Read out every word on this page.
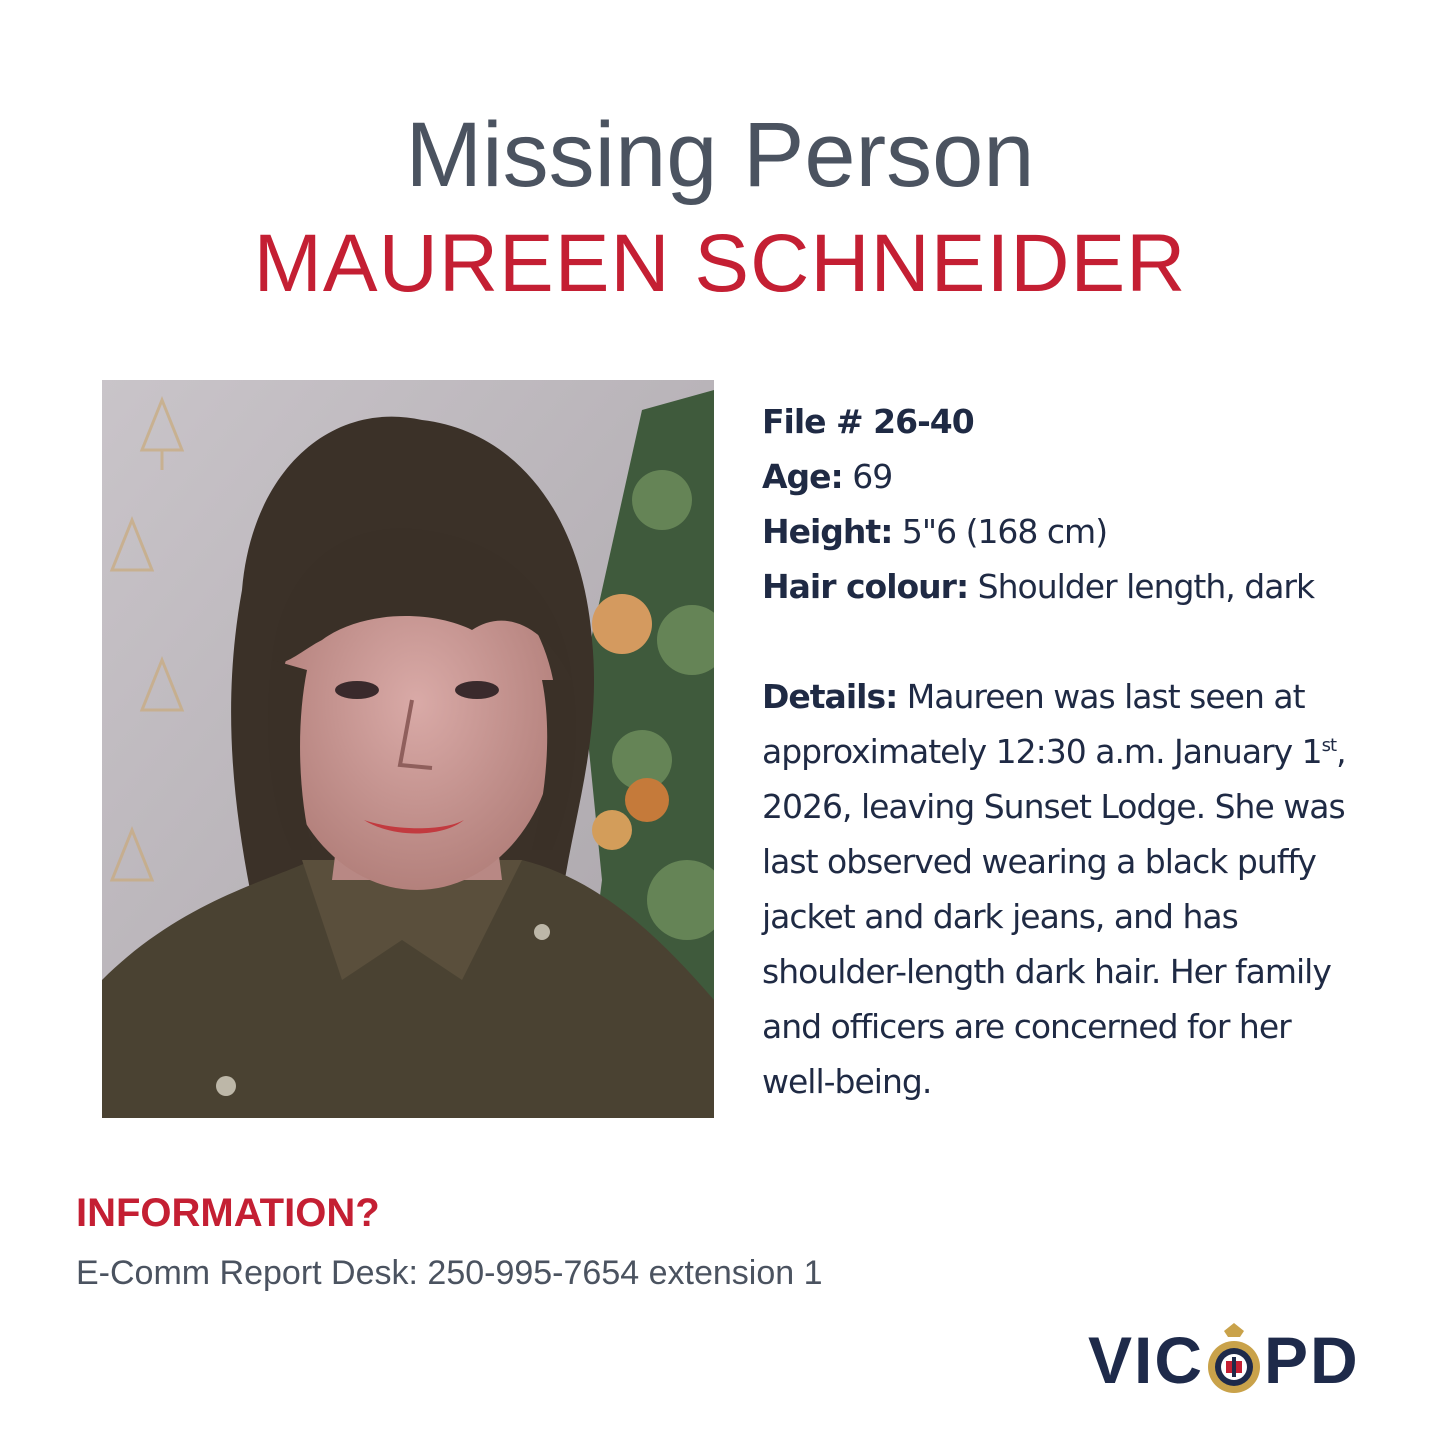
Missing Person
MAUREEN SCHNEIDER
File # 26-40
Age: 69
Height: 5"6 (168 cm)
Hair colour: Shoulder length, dark
Details: Maureen was last seen at approximately 12:30 a.m. January 1st, 2026, leaving Sunset Lodge. She was last observed wearing a black puffy jacket and dark jeans, and has shoulder-length dark hair. Her family and officers are concerned for her well-being.
INFORMATION?
E-Comm Report Desk: 250-995-7654 extension 1
VIC PD
